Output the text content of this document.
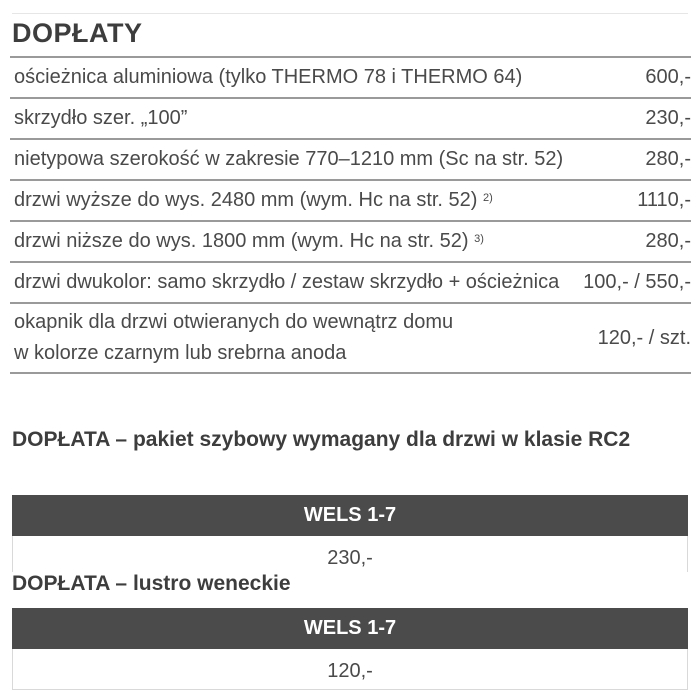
DOPŁATY
ościeżnica aluminiowa (tylko THERMO 78 i THERMO 64)	600,-
skrzydło szer. „100”	230,-
nietypowa szerokość w zakresie 770–1210 mm (Sc na str. 52)	280,-
drzwi wyższe do wys. 2480 mm (wym. Hc na str. 52) $^{2)}$	1110,-
drzwi niższe do wys. 1800 mm (wym. Hc na str. 52) $^{3)}$	280,-
drzwi dwukolor: samo skrzydło / zestaw skrzydło + ościeżnica 100,- / 550,-
okapnik dla drzwi otwieranych do wewnątrz domu
w kolorze czarnym lub srebrna anoda
120,- / szt.
DOPŁATA – pakiet szybowy wymagany dla drzwi w klasie RC2
WELS 1-7
230,-
DOPŁATA – lustro weneckie
WELS 1-7
120,-
